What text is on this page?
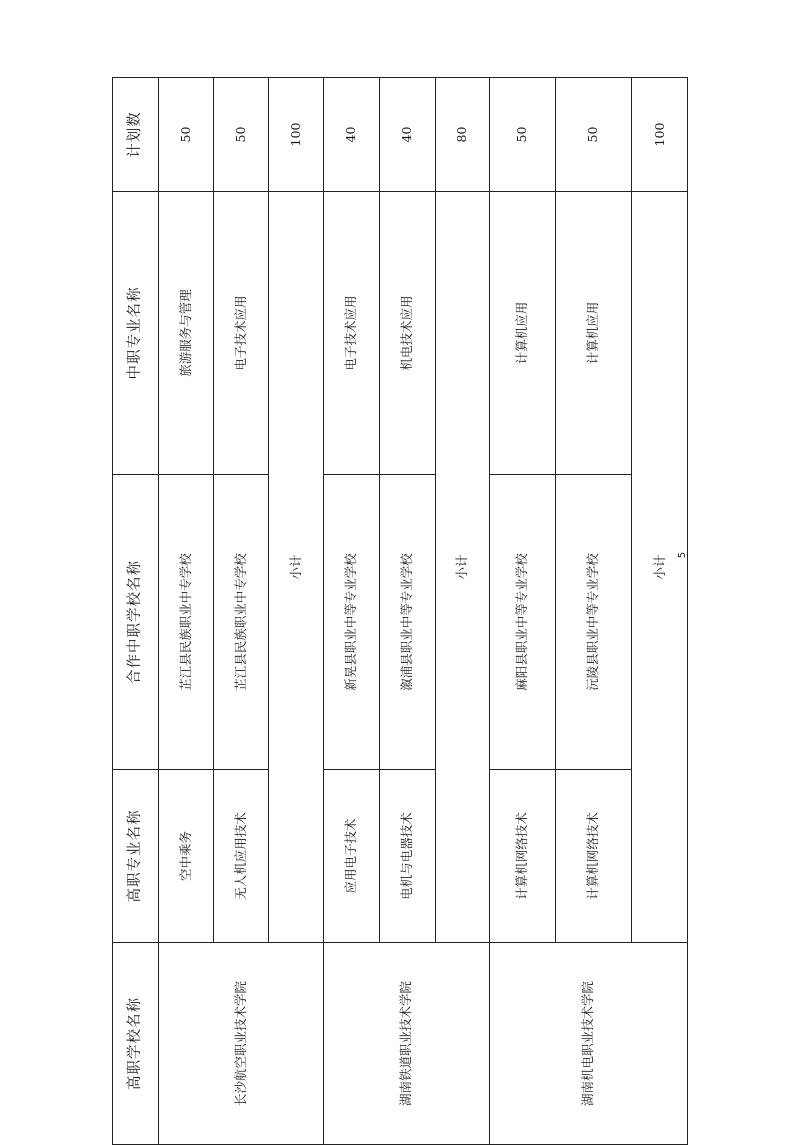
高职学校名称	高职专业名称	合作中职学校名称	中职专业名称	计划数
长沙航空职业技术学院	空中乘务	芷江县民族职业中专学校	旅游服务与管理	50
	无人机应用技术	芷江县民族职业中专学校	电子技术应用	50
	小计			100
湖南铁道职业技术学院	应用电子技术	新晃县职业中等专业学校	电子技术应用	40
	电机与电器技术	溆浦县职业中等专业学校	机电技术应用	40
	小计			80
湖南机电职业技术学院	计算机网络技术	麻阳县职业中等专业学校	计算机应用	50
	计算机网络技术	沅陵县职业中等专业学校	计算机应用	50
	小计			100
5
